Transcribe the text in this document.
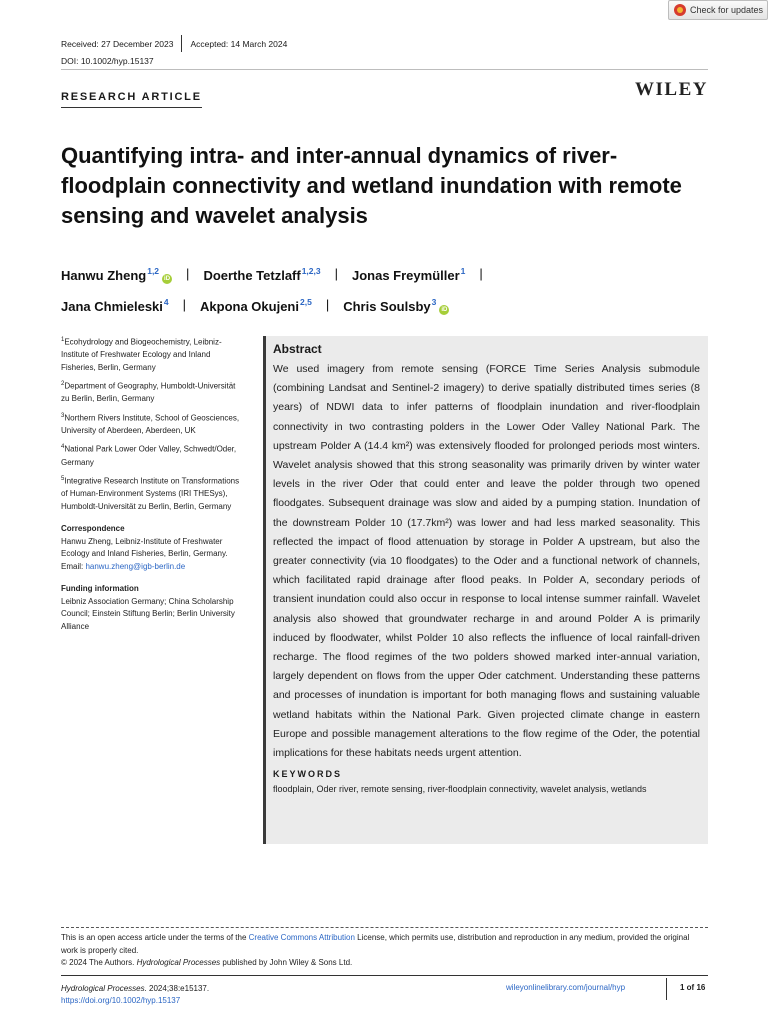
Check for updates
Received: 27 December 2023 Accepted: 14 March 2024
DOI: 10.1002/hyp.15137
RESEARCH ARTICLE	WILEY
Quantifying intra- and inter-annual dynamics of river-floodplain connectivity and wetland inundation with remote sensing and wavelet analysis
Hanwu Zheng$^{1,2}$iD | Doerthe Tetzlaff$^{1,2,3}$ | Jonas Freymüller$^1$ |
Jana Chmieleski$^4$ | Akpona Okujeni$^{2,5}$ | Chris Soulsby$^3$iD
$^1$Ecohydrology and Biogeochemistry, Leibniz-Institute of Freshwater Ecology and Inland Fisheries, Berlin, Germany
$^2$Department of Geography, Humboldt-Universität zu Berlin, Berlin, Germany
$^3$Northern Rivers Institute, School of Geosciences, University of Aberdeen, Aberdeen, UK
$^4$National Park Lower Oder Valley, Schwedt/Oder, Germany
$^5$Integrative Research Institute on Transformations of Human-Environment Systems (IRI THESys), Humboldt-Universität zu Berlin, Berlin, Germany
Correspondence
Hanwu Zheng, Leibniz-Institute of Freshwater Ecology and Inland Fisheries, Berlin, Germany.
Email: hanwu.zheng@igb-berlin.de
Funding information
Leibniz Association Germany; China Scholarship Council; Einstein Stiftung Berlin; Berlin University Alliance
Abstract

We used imagery from remote sensing (FORCE Time Series Analysis submodule (combining Landsat and Sentinel-2 imagery) to derive spatially distributed times series (8 years) of NDWI data to infer patterns of floodplain inundation and river-floodplain connectivity in two contrasting polders in the Lower Oder Valley National Park. The upstream Polder A (14.4 km²) was extensively flooded for prolonged periods most winters. Wavelet analysis showed that this strong seasonality was primarily driven by winter water levels in the river Oder that could enter and leave the polder through two opened floodgates. Subsequent drainage was slow and aided by a pumping station. Inundation of the downstream Polder 10 (17.7km²) was lower and had less marked seasonality. This reflected the impact of flood attenuation by storage in Polder A upstream, but also the greater connectivity (via 10 floodgates) to the Oder and a functional network of channels, which facilitated rapid drainage after flood peaks. In Polder A, secondary periods of transient inundation could also occur in response to local intense summer rainfall. Wavelet analysis also showed that groundwater recharge in and around Polder A is primarily induced by floodwater, whilst Polder 10 also reflects the influence of local rainfall-driven recharge. The flood regimes of the two polders showed marked inter-annual variation, largely dependent on flows from the upper Oder catchment. Understanding these patterns and processes of inundation is important for both managing flows and sustaining valuable wetland habitats within the National Park. Given projected climate change in eastern Europe and possible management alterations to the flow regime of the Oder, the potential implications for these habitats needs urgent attention.

KEYWORDS
floodplain, Oder river, remote sensing, river-floodplain connectivity, wavelet analysis, wetlands
This is an open access article under the terms of the Creative Commons Attribution License, which permits use, distribution and reproduction in any medium, provided the original work is properly cited.
© 2024 The Authors. Hydrological Processes published by John Wiley & Sons Ltd.
Hydrological Processes. 2024;38:e15137.
https://doi.org/10.1002/hyp.15137
wileyonlinelibrary.com/journal/hyp	1 of 16
